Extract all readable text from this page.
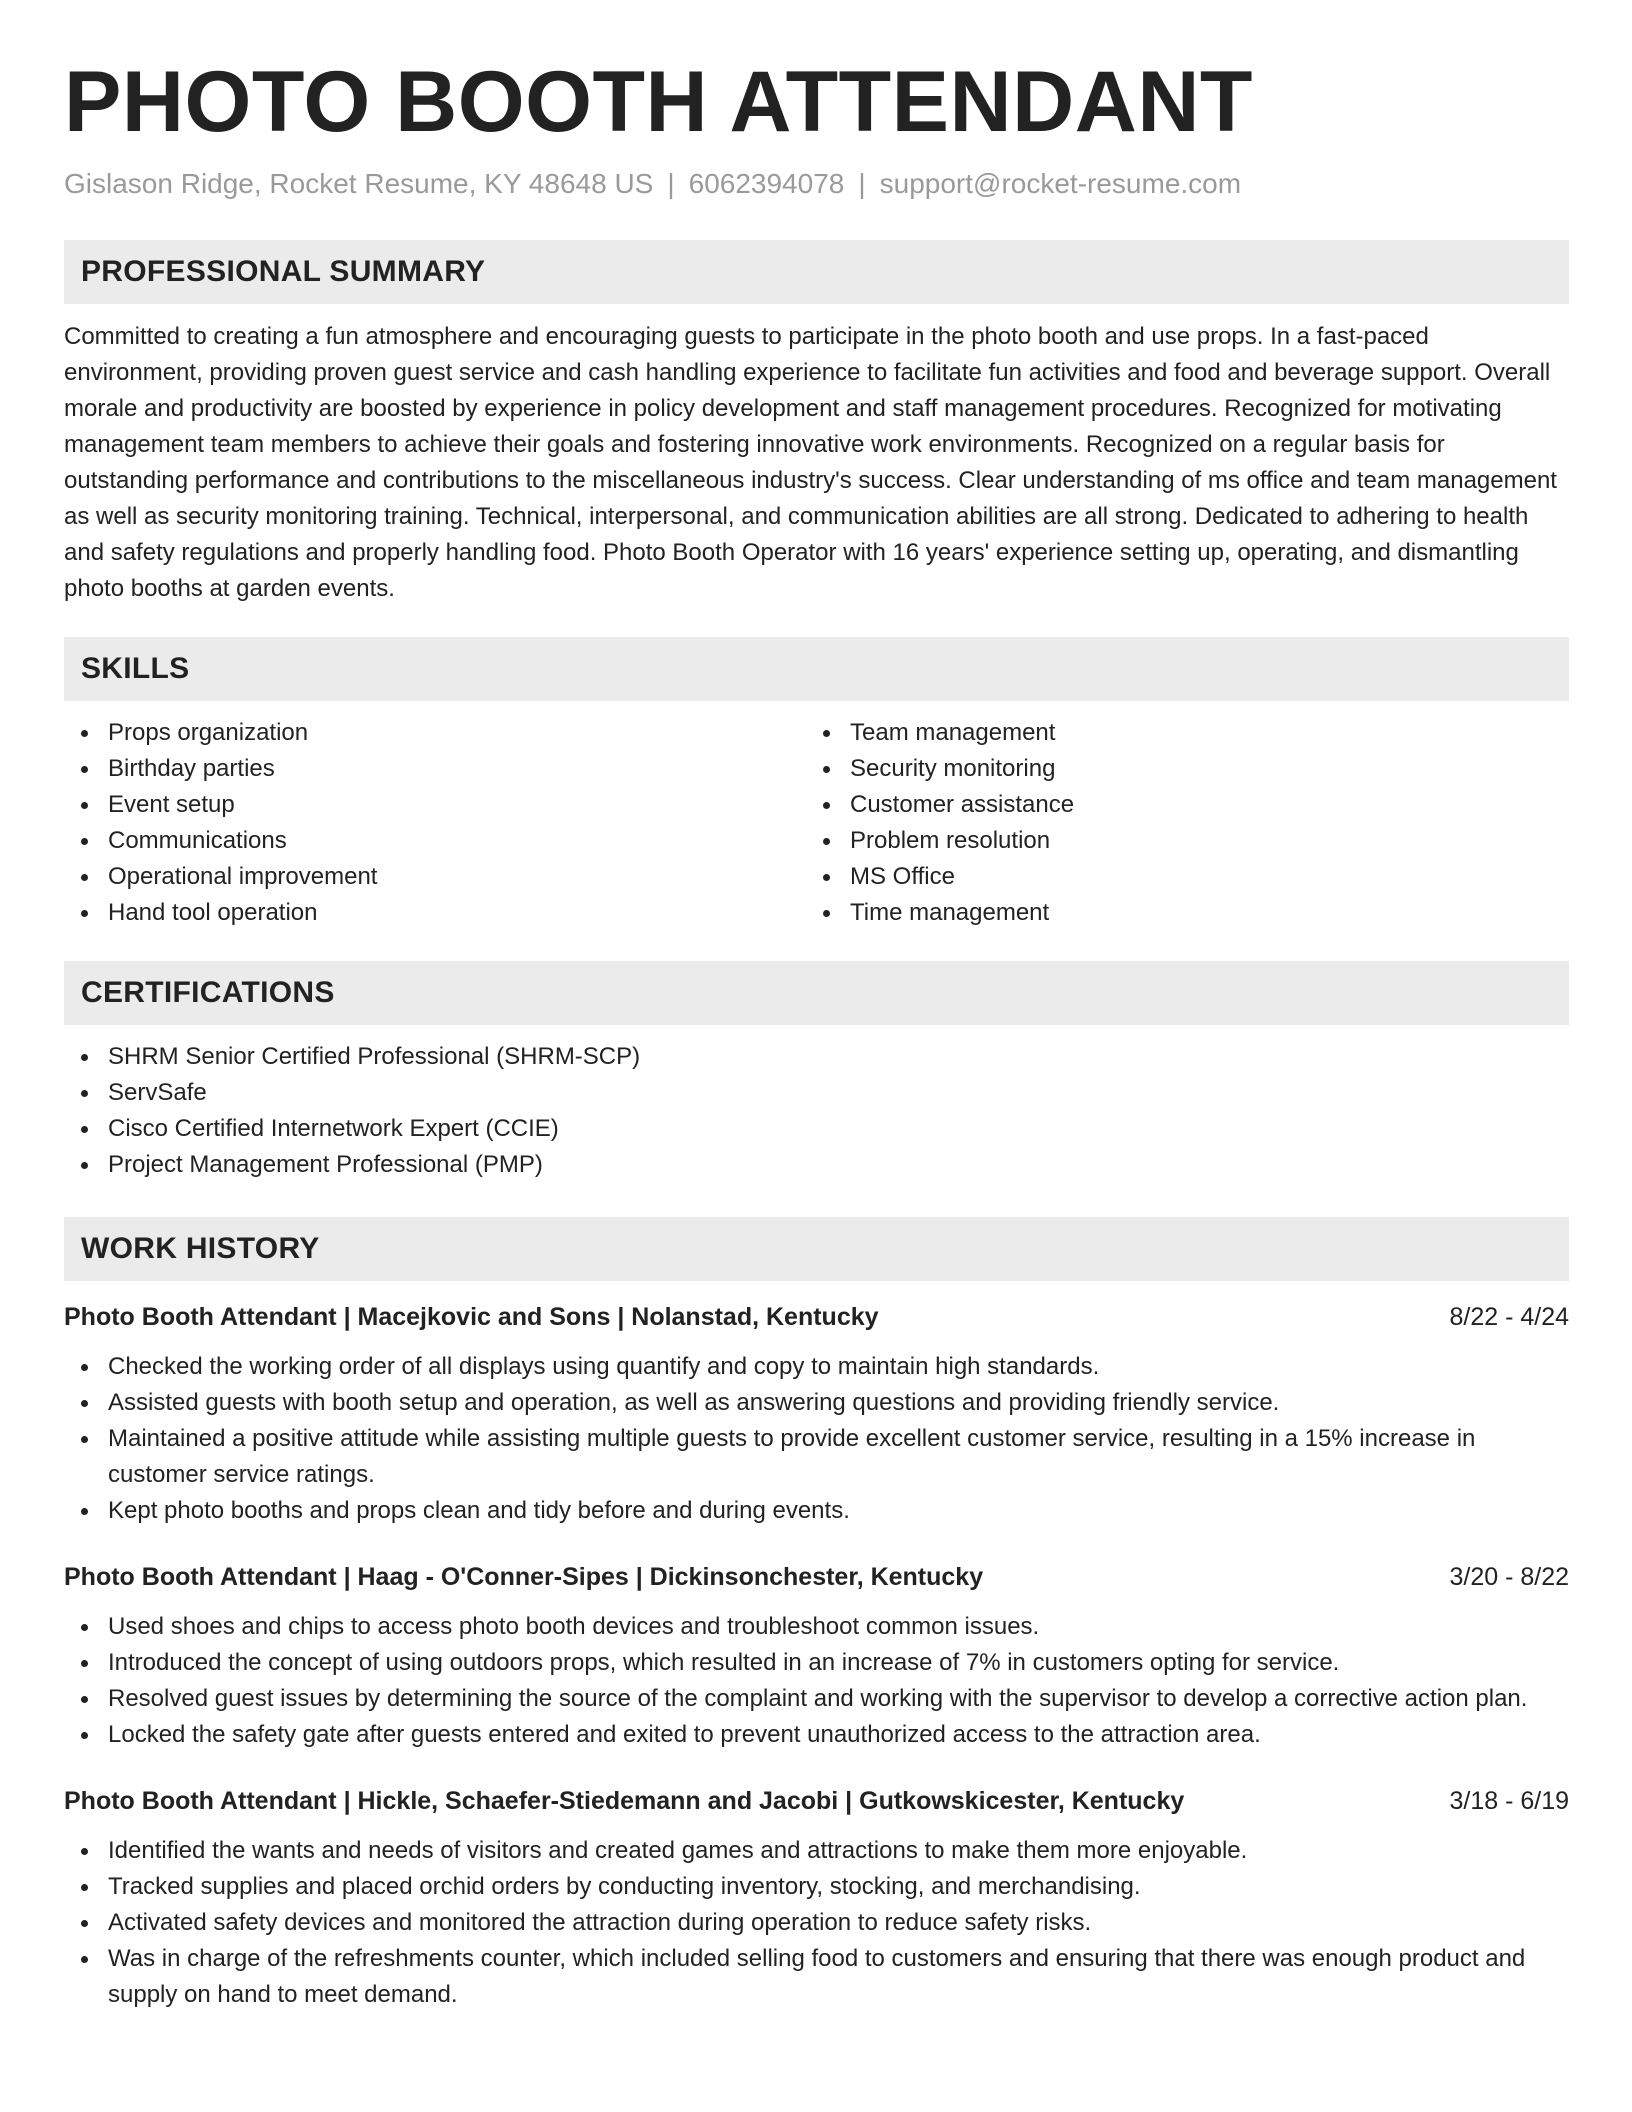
PHOTO BOOTH ATTENDANT
Gislason Ridge, Rocket Resume, KY 48648 US | 6062394078 | support@rocket-resume.com
PROFESSIONAL SUMMARY

Committed to creating a fun atmosphere and encouraging guests to participate in the photo booth and use props. In a fast-paced environment, providing proven guest service and cash handling experience to facilitate fun activities and food and beverage support. Overall morale and productivity are boosted by experience in policy development and staff management procedures. Recognized for motivating management team members to achieve their goals and fostering innovative work environments. Recognized on a regular basis for outstanding performance and contributions to the miscellaneous industry's success. Clear understanding of ms office and team management as well as security monitoring training. Technical, interpersonal, and communication abilities are all strong. Dedicated to adhering to health and safety regulations and properly handling food. Photo Booth Operator with 16 years' experience setting up, operating, and dismantling photo booths at garden events.

SKILLS
Props organization
Birthday parties
Event setup
Communications
Operational improvement
Hand tool operation
Team management
Security monitoring
Customer assistance
Problem resolution
MS Office
Time management
CERTIFICATIONS
SHRM Senior Certified Professional (SHRM-SCP)
ServSafe
Cisco Certified Internetwork Expert (CCIE)
Project Management Professional (PMP)
WORK HISTORY
Photo Booth Attendant | Macejkovic and Sons | Nolanstad, Kentucky	8/22 - 4/24
Checked the working order of all displays using quantify and copy to maintain high standards.
Assisted guests with booth setup and operation, as well as answering questions and providing friendly service.
Maintained a positive attitude while assisting multiple guests to provide excellent customer service, resulting in a 15% increase in customer service ratings.
Kept photo booths and props clean and tidy before and during events.
Photo Booth Attendant | Haag - O'Conner-Sipes | Dickinsonchester, Kentucky	3/20 - 8/22
Used shoes and chips to access photo booth devices and troubleshoot common issues.
Introduced the concept of using outdoors props, which resulted in an increase of 7% in customers opting for service.
Resolved guest issues by determining the source of the complaint and working with the supervisor to develop a corrective action plan.
Locked the safety gate after guests entered and exited to prevent unauthorized access to the attraction area.
Photo Booth Attendant | Hickle, Schaefer-Stiedemann and Jacobi | Gutkowskicester, Kentucky	3/18 - 6/19
Identified the wants and needs of visitors and created games and attractions to make them more enjoyable.
Tracked supplies and placed orchid orders by conducting inventory, stocking, and merchandising.
Activated safety devices and monitored the attraction during operation to reduce safety risks.
Was in charge of the refreshments counter, which included selling food to customers and ensuring that there was enough product and supply on hand to meet demand.
